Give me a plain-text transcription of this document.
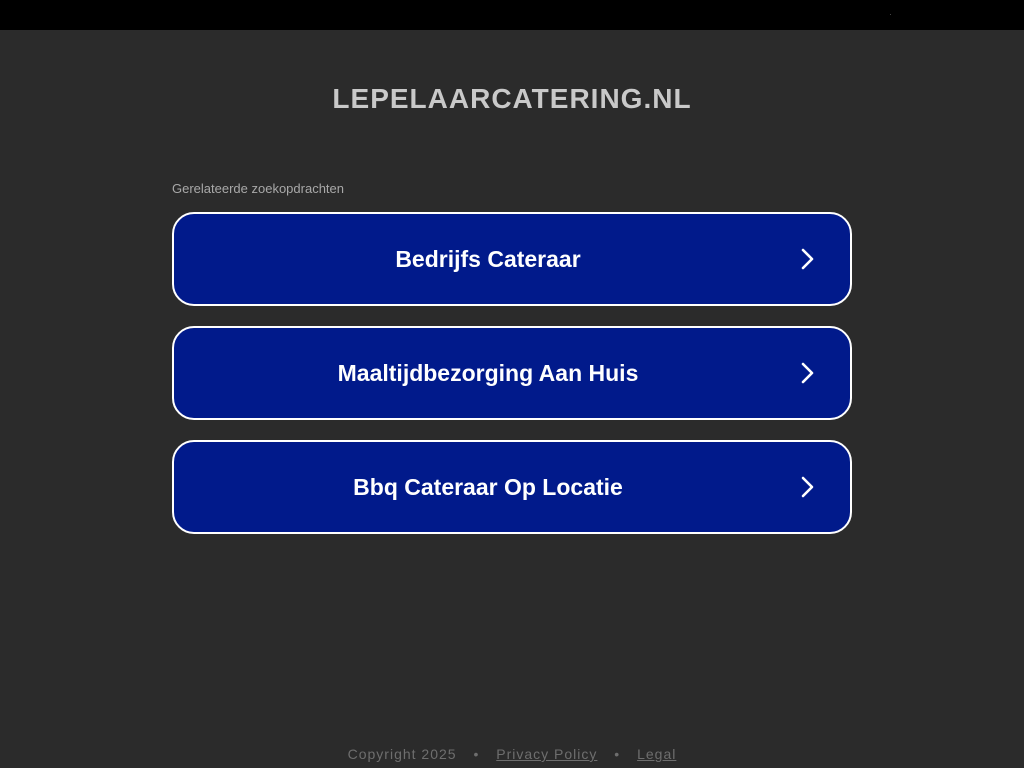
LEPELAARCATERING.NL
Gerelateerde zoekopdrachten
Bedrijfs Cateraar
Maaltijdbezorging Aan Huis
Bbq Cateraar Op Locatie
Copyright 2025 • Privacy Policy • Legal
